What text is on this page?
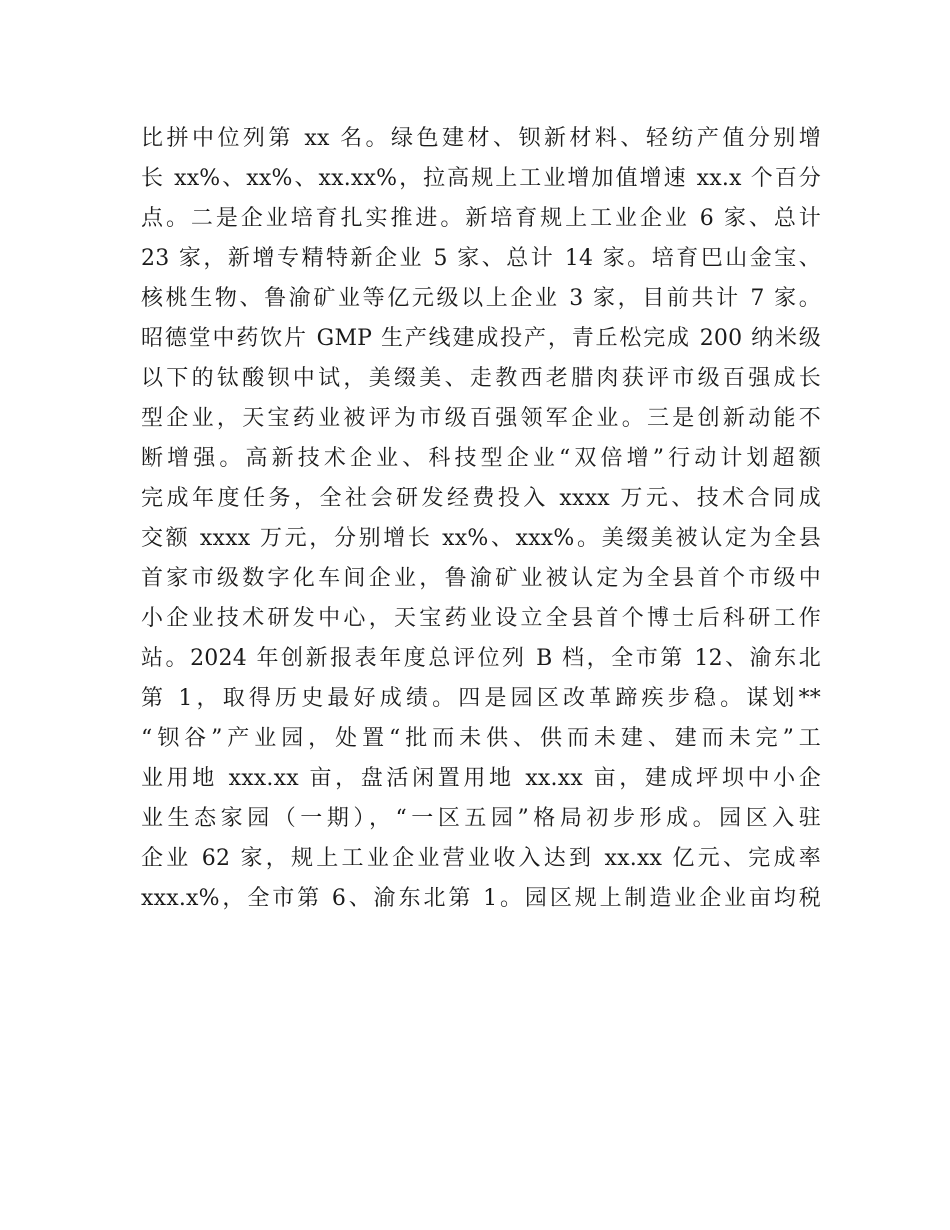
比拼中位列第 xx 名。绿色建材、钡新材料、轻纺产值分别增
长 xx%、xx%、xx.xx%，拉高规上工业增加值增速 xx.x 个百分
点。二是企业培育扎实推进。新培育规上工业企业 6 家、总计
23 家，新增专精特新企业 5 家、总计 14 家。培育巴山金宝、
核桃生物、鲁渝矿业等亿元级以上企业 3 家，目前共计 7 家。
昭德堂中药饮片 GMP 生产线建成投产，青丘松完成 200 纳米级
以下的钛酸钡中试，美缀美、走教西老腊肉获评市级百强成长
型企业，天宝药业被评为市级百强领军企业。三是创新动能不
断增强。高新技术企业、科技型企业“双倍增”行动计划超额
完成年度任务，全社会研发经费投入 xxxx 万元、技术合同成
交额 xxxx 万元，分别增长 xx%、xxx%。美缀美被认定为全县
首家市级数字化车间企业，鲁渝矿业被认定为全县首个市级中
小企业技术研发中心，天宝药业设立全县首个博士后科研工作
站。2024 年创新报表年度总评位列 B 档，全市第 12、渝东北
第 1，取得历史最好成绩。四是园区改革蹄疾步稳。谋划**
“钡谷”产业园，处置“批而未供、供而未建、建而未完”工
业用地 xxx.xx 亩，盘活闲置用地 xx.xx 亩，建成坪坝中小企
业生态家园（一期），“一区五园”格局初步形成。园区入驻
企业 62 家，规上工业企业营业收入达到 xx.xx 亿元、完成率
xxx.x%，全市第 6、渝东北第 1。园区规上制造业企业亩均税
